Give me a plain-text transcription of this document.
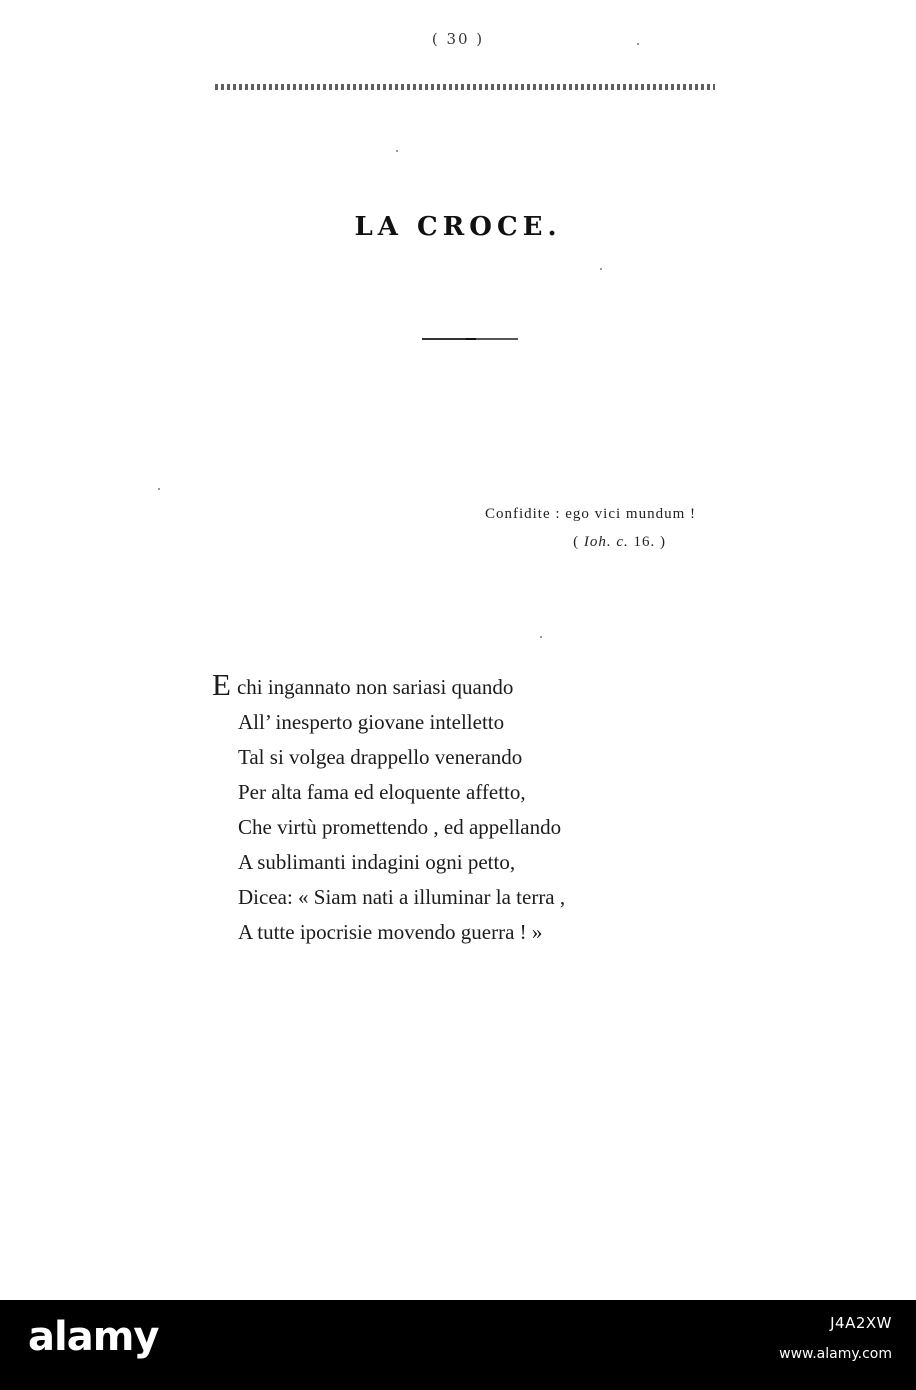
( 30 )
LA CROCE.
Confidite : ego vici mundum !
( Ioh. c. 16. )
E chi ingannato non sariasi quando
All’ inesperto giovane intelletto
Tal si volgea drappello venerando
Per alta fama ed eloquente affetto,
Che virtù promettendo , ed appellando
A sublimanti indagini ogni petto,
Dicea: « Siam nati a illuminar la terra ,
A tutte ipocrisie movendo guerra ! »
alamy	J4A2XW
www.alamy.com
